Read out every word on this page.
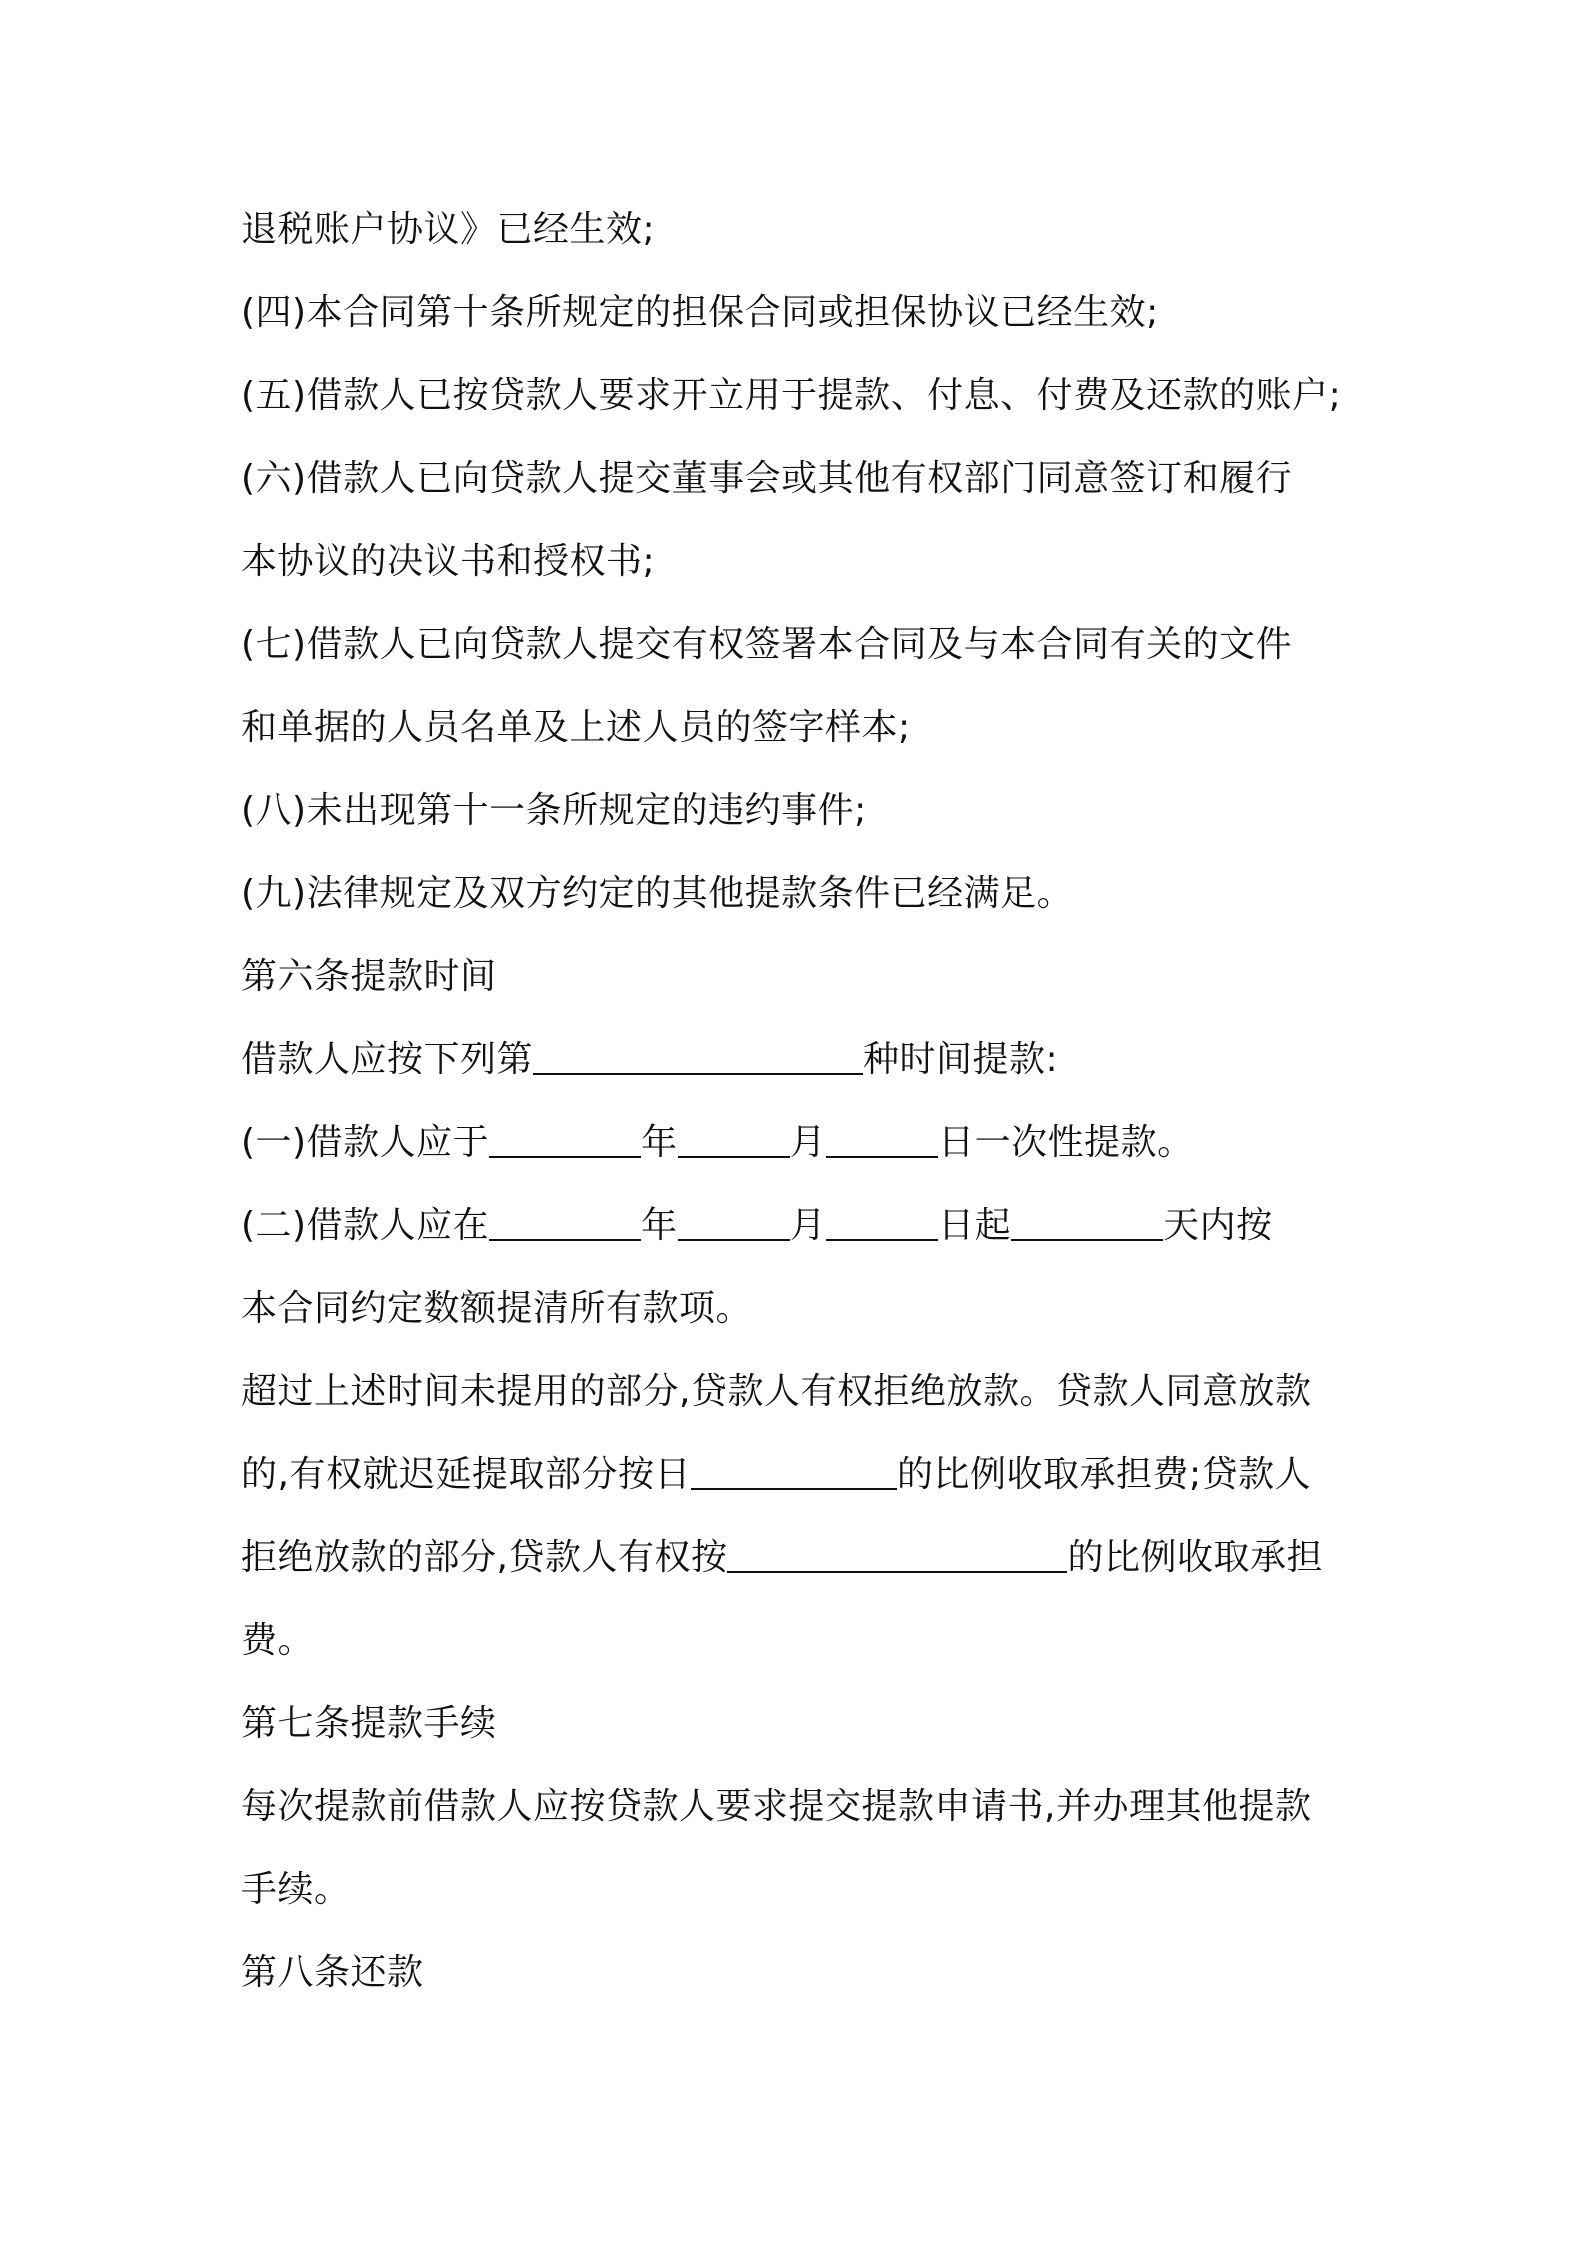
退税账户协议》已经生效;
(四)本合同第十条所规定的担保合同或担保协议已经生效;
(五)借款人已按贷款人要求开立用于提款、付息、付费及还款的账户;
(六)借款人已向贷款人提交董事会或其他有权部门同意签订和履行
本协议的决议书和授权书;
(七)借款人已向贷款人提交有权签署本合同及与本合同有关的文件
和单据的人员名单及上述人员的签字样本;
(八)未出现第十一条所规定的违约事件;
(九)法律规定及双方约定的其他提款条件已经满足。
第六条提款时间
借款人应按下列第	种时间提款:
(一)借款人应于	年	月	日一次性提款。
(二)借款人应在	年	月	日起	天内按
本合同约定数额提清所有款项。
超过上述时间未提用的部分,贷款人有权拒绝放款。贷款人同意放款
的,有权就迟延提取部分按日	的比例收取承担费;贷款人
拒绝放款的部分,贷款人有权按	的比例收取承担
费。
第七条提款手续
每次提款前借款人应按贷款人要求提交提款申请书,并办理其他提款
手续。
第八条还款
